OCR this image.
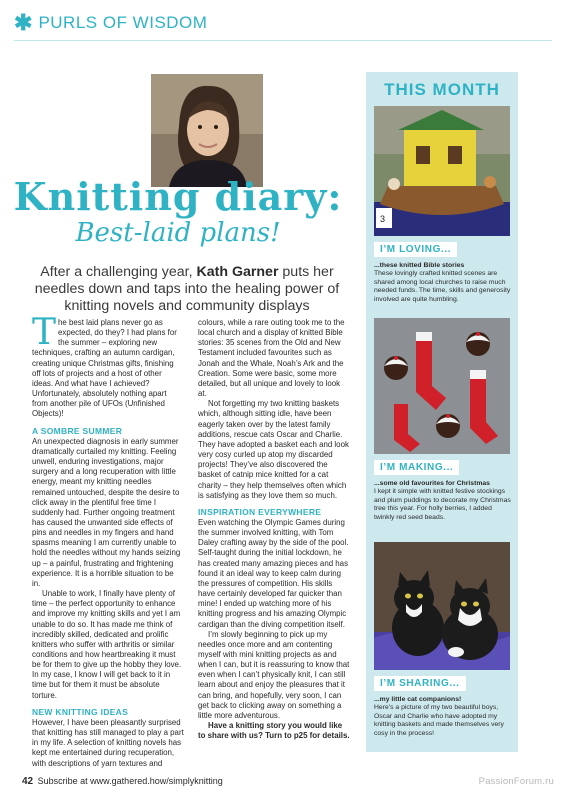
✱ PURLS OF WISDOM
Knitting diary:
Best-laid plans!
After a challenging year, Kath Garner puts her needles down and taps into the healing power of knitting novels and community displays

The best laid plans never go as expected, do they? I had plans for the summer – exploring new techniques, crafting an autumn cardigan, creating unique Christmas gifts, finishing off lots of projects and a host of other ideas. And what have I achieved? Unfortunately, absolutely nothing apart from another pile of UFOs (Unfinished Objects)!

A SOMBRE SUMMER

An unexpected diagnosis in early summer dramatically curtailed my knitting. Feeling unwell, enduring investigations, major surgery and a long recuperation with little energy, meant my knitting needles remained untouched, despite the desire to click away in the plentiful free time I suddenly had. Further ongoing treatment has caused the unwanted side effects of pins and needles in my fingers and hand spasms meaning I am currently unable to hold the needles without my hands seizing up – a painful, frustrating and frightening experience. It is a horrible situation to be in.

Unable to work, I finally have plenty of time – the perfect opportunity to enhance and improve my knitting skills and yet I am unable to do so. It has made me think of incredibly skilled, dedicated and prolific knitters who suffer with arthritis or similar conditions and how heartbreaking it must be for them to give up the hobby they love. In my case, I know I will get back to it in time but for them it must be absolute torture.

NEW KNITTING IDEAS

However, I have been pleasantly surprised that knitting has still managed to play a part in my life. A selection of knitting novels has kept me entertained during recuperation, with descriptions of yarn textures and

colours, while a rare outing took me to the local church and a display of knitted Bible stories: 35 scenes from the Old and New Testament included favourites such as Jonah and the Whale, Noah’s Ark and the Creation. Some were basic, some more detailed, but all unique and lovely to look at.

Not forgetting my two knitting baskets which, although sitting idle, have been eagerly taken over by the latest family additions, rescue cats Oscar and Charlie. They have adopted a basket each and look very cosy curled up atop my discarded projects! They’ve also discovered the basket of catnip mice knitted for a cat charity – they help themselves often which is satisfying as they love them so much.

INSPIRATION EVERYWHERE

Even watching the Olympic Games during the summer involved knitting, with Tom Daley crafting away by the side of the pool. Self-taught during the initial lockdown, he has created many amazing pieces and has found it an ideal way to keep calm during the pressures of competition. His skills have certainly developed far quicker than mine! I ended up watching more of his knitting progress and his amazing Olympic cardigan than the diving competition itself.

I’m slowly beginning to pick up my needles once more and am contenting myself with mini knitting projects as and when I can, but it is reassuring to know that even when I can’t physically knit, I can still learn about and enjoy the pleasures that it can bring, and hopefully, very soon, I can get back to clicking away on something a little more adventurous.

Have a knitting story you would like to share with us? Turn to p25 for details.

THIS MONTH
3
I’M LOVING...
...these knitted Bible stories
These lovingly crafted knitted scenes are shared among local churches to raise much needed funds. The time, skills and generosity involved are quite humbling.
I’M MAKING...
...some old favourites for Christmas
I kept it simple with knitted festive stockings and plum puddings to decorate my Christmas tree this year. For holly berries, I added twinkly red seed beads.
I’M SHARING...
...my little cat companions!
Here’s a picture of my two beautiful boys, Oscar and Charlie who have adopted my knitting baskets and made themselves very cosy in the process!
42 Subscribe at www.gathered.how/simplyknitting	PassionForum.ru
